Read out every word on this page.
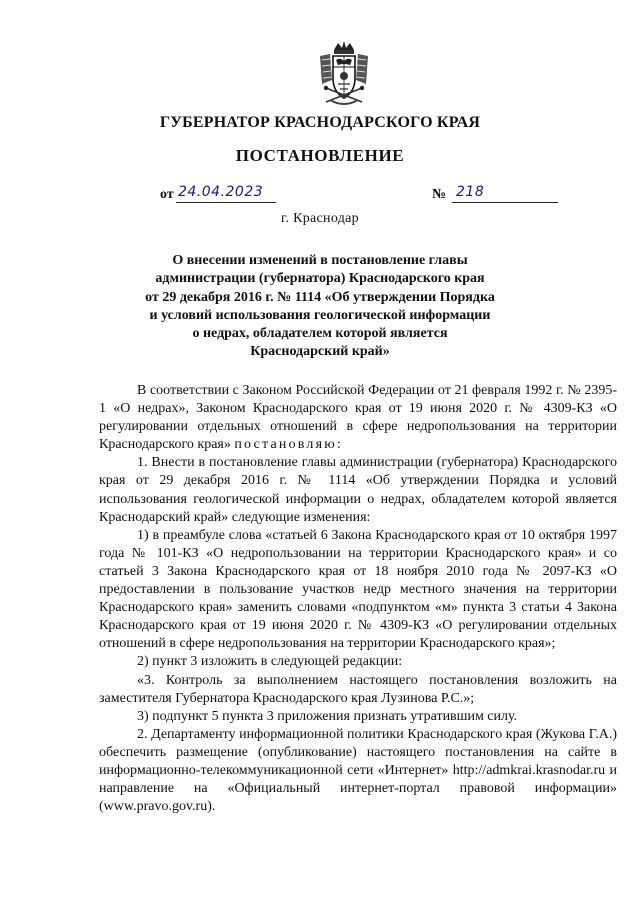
ГУБЕРНАТОР КРАСНОДАРСКОГО КРАЯ
ПОСТАНОВЛЕНИЕ
от 24.04.2023	№ 218
г. Краснодар
О внесении изменений в постановление главы
администрации (губернатора) Краснодарского края
от 29 декабря 2016 г. № 1114 «Об утверждении Порядка
и условий использования геологической информации
о недрах, обладателем которой является
Краснодарский край»

В соответствии с Законом Российской Федерации от 21 февраля 1992 г. № 2395-1 «О недрах», Законом Краснодарского края от 19 июня 2020 г. № 4309-КЗ «О регулировании отдельных отношений в сфере недропользования на территории Краснодарского края» постановляю:

1. Внести в постановление главы администрации (губернатора) Краснодарского края от 29 декабря 2016 г. № 1114 «Об утверждении Порядка и условий использования геологической информации о недрах, обладателем которой является Краснодарский край» следующие изменения:

1) в преамбуле слова «статьей 6 Закона Краснодарского края от 10 октября 1997 года № 101-КЗ «О недропользовании на территории Краснодарского края» и со статьей 3 Закона Краснодарского края от 18 ноября 2010 года № 2097-КЗ «О предоставлении в пользование участков недр местного значения на территории Краснодарского края» заменить словами «подпунктом «м» пункта 3 статьи 4 Закона Краснодарского края от 19 июня 2020 г. № 4309-КЗ «О регулировании отдельных отношений в сфере недропользования на территории Краснодарского края»;

2) пункт 3 изложить в следующей редакции:

«3. Контроль за выполнением настоящего постановления возложить на заместителя Губернатора Краснодарского края Лузинова Р.С.»;

3) подпункт 5 пункта 3 приложения признать утратившим силу.

2. Департаменту информационной политики Краснодарского края (Жукова Г.А.) обеспечить размещение (опубликование) настоящего постановления на сайте в информационно-телекоммуникационной сети «Интернет» http://admkrai.krasnodar.ru и направление на «Официальный интернет-портал правовой информации» (www.pravo.gov.ru).
